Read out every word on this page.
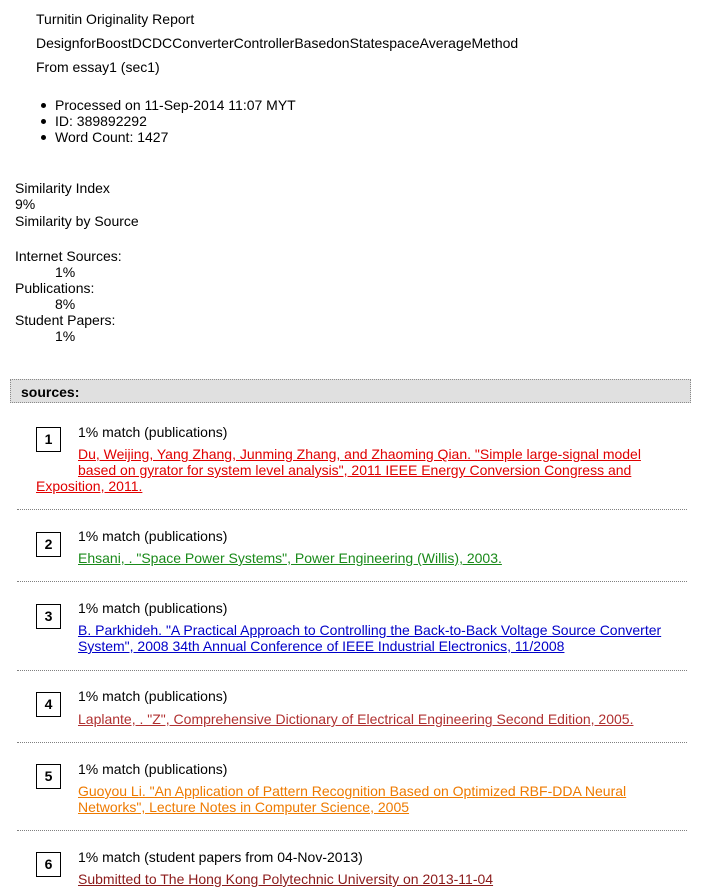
Turnitin Originality Report
DesignforBoostDCDCConverterControllerBasedonStatespaceAverageMethod
From essay1 (sec1)
Processed on 11-Sep-2014 11:07 MYT
ID: 389892292
Word Count: 1427
Similarity Index
9%
Similarity by Source
Internet Sources:
1%
Publications:
8%
Student Papers:
1%
sources:
1	1% match (publications)
Du, Weijing, Yang Zhang, Junming Zhang, and Zhaoming Qian. "Simple large-signal model
based on gyrator for system level analysis", 2011 IEEE Energy Conversion Congress and
Exposition, 2011.
2	1% match (publications)
Ehsani, . "Space Power Systems", Power Engineering (Willis), 2003.
3	1% match (publications)
B. Parkhideh. "A Practical Approach to Controlling the Back-to-Back Voltage Source Converter
System", 2008 34th Annual Conference of IEEE Industrial Electronics, 11/2008
4	1% match (publications)
Laplante, . "Z", Comprehensive Dictionary of Electrical Engineering Second Edition, 2005.
5	1% match (publications)
Guoyou Li. "An Application of Pattern Recognition Based on Optimized RBF-DDA Neural
Networks", Lecture Notes in Computer Science, 2005
6	1% match (student papers from 04-Nov-2013)
Submitted to The Hong Kong Polytechnic University on 2013-11-04
